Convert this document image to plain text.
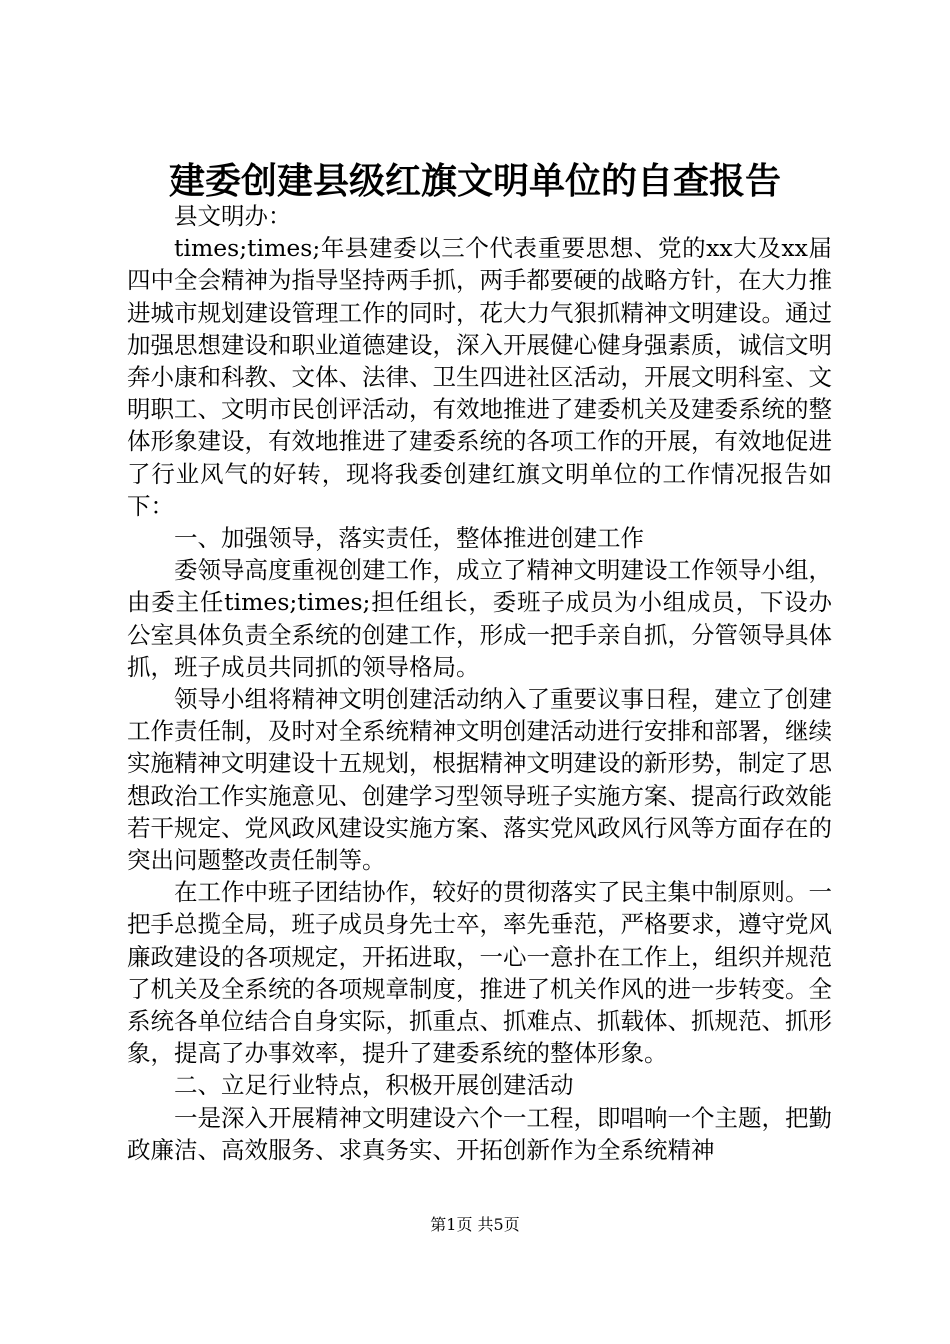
建委创建县级红旗文明单位的自查报告

县文明办：

times;times;年县建委以三个代表重要思想、党的xx大及xx届四中全会精神为指导坚持两手抓，两手都要硬的战略方针，在大力推进城市规划建设管理工作的同时，花大力气狠抓精神文明建设。通过加强思想建设和职业道德建设，深入开展健心健身强素质，诚信文明奔小康和科教、文体、法律、卫生四进社区活动，开展文明科室、文明职工、文明市民创评活动，有效地推进了建委机关及建委系统的整体形象建设，有效地推进了建委系统的各项工作的开展，有效地促进了行业风气的好转，现将我委创建红旗文明单位的工作情况报告如下：

一、加强领导，落实责任，整体推进创建工作

委领导高度重视创建工作，成立了精神文明建设工作领导小组，由委主任times;times;担任组长，委班子成员为小组成员，下设办公室具体负责全系统的创建工作，形成一把手亲自抓，分管领导具体抓，班子成员共同抓的领导格局。

领导小组将精神文明创建活动纳入了重要议事日程，建立了创建工作责任制，及时对全系统精神文明创建活动进行安排和部署，继续实施精神文明建设十五规划，根据精神文明建设的新形势，制定了思想政治工作实施意见、创建学习型领导班子实施方案、提高行政效能若干规定、党风政风建设实施方案、落实党风政风行风等方面存在的突出问题整改责任制等。

在工作中班子团结协作，较好的贯彻落实了民主集中制原则。一把手总揽全局，班子成员身先士卒，率先垂范，严格要求，遵守党风廉政建设的各项规定，开拓进取，一心一意扑在工作上，组织并规范了机关及全系统的各项规章制度，推进了机关作风的进一步转变。全系统各单位结合自身实际，抓重点、抓难点、抓载体、抓规范、抓形象，提高了办事效率，提升了建委系统的整体形象。

二、立足行业特点，积极开展创建活动

一是深入开展精神文明建设六个一工程，即唱响一个主题，把勤政廉洁、高效服务、求真务实、开拓创新作为全系统精神

第1页 共5页
